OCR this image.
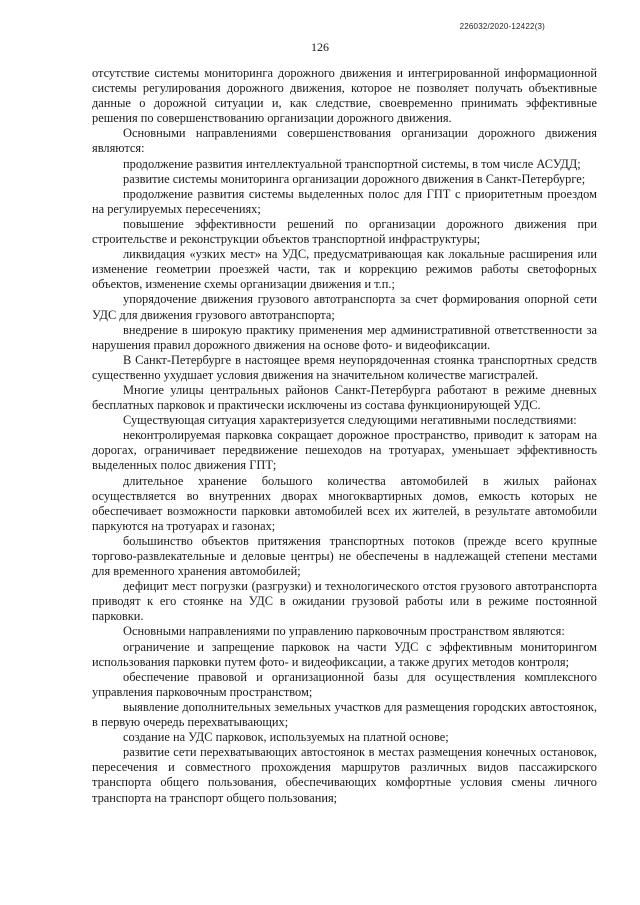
226032/2020-12422(3)
126

отсутствие системы мониторинга дорожного движения и интегрированной информационной системы регулирования дорожного движения, которое не позволяет получать объективные данные о дорожной ситуации и, как следствие, своевременно принимать эффективные решения по совершенствованию организации дорожного движения.

Основными направлениями совершенствования организации дорожного движения являются:

продолжение развития интеллектуальной транспортной системы, в том числе АСУДД;

развитие системы мониторинга организации дорожного движения в Санкт-Петербурге;

продолжение развития системы выделенных полос для ГПТ с приоритетным проездом на регулируемых пересечениях;

повышение эффективности решений по организации дорожного движения при строительстве и реконструкции объектов транспортной инфраструктуры;

ликвидация «узких мест» на УДС, предусматривающая как локальные расширения или изменение геометрии проезжей части, так и коррекцию режимов работы светофорных объектов, изменение схемы организации движения и т.п.;

упорядочение движения грузового автотранспорта за счет формирования опорной сети УДС для движения грузового автотранспорта;

внедрение в широкую практику применения мер административной ответственности за нарушения правил дорожного движения на основе фото- и видеофиксации.

В Санкт-Петербурге в настоящее время неупорядоченная стоянка транспортных средств существенно ухудшает условия движения на значительном количестве магистралей.

Многие улицы центральных районов Санкт-Петербурга работают в режиме дневных бесплатных парковок и практически исключены из состава функционирующей УДС.

Существующая ситуация характеризуется следующими негативными последствиями:

неконтролируемая парковка сокращает дорожное пространство, приводит к заторам на дорогах, ограничивает передвижение пешеходов на тротуарах, уменьшает эффективность выделенных полос движения ГПТ;

длительное хранение большого количества автомобилей в жилых районах осуществляется во внутренних дворах многоквартирных домов, емкость которых не обеспечивает возможности парковки автомобилей всех их жителей, в результате автомобили паркуются на тротуарах и газонах;

большинство объектов притяжения транспортных потоков (прежде всего крупные торгово-развлекательные и деловые центры) не обеспечены в надлежащей степени местами для временного хранения автомобилей;

дефицит мест погрузки (разгрузки) и технологического отстоя грузового автотранспорта приводят к его стоянке на УДС в ожидании грузовой работы или в режиме постоянной парковки.

Основными направлениями по управлению парковочным пространством являются:

ограничение и запрещение парковок на части УДС с эффективным мониторингом использования парковки путем фото- и видеофиксации, а также других методов контроля;

обеспечение правовой и организационной базы для осуществления комплексного управления парковочным пространством;

выявление дополнительных земельных участков для размещения городских автостоянок, в первую очередь перехватывающих;

создание на УДС парковок, используемых на платной основе;

развитие сети перехватывающих автостоянок в местах размещения конечных остановок, пересечения и совместного прохождения маршрутов различных видов пассажирского транспорта общего пользования, обеспечивающих комфортные условия смены личного транспорта на транспорт общего пользования;
